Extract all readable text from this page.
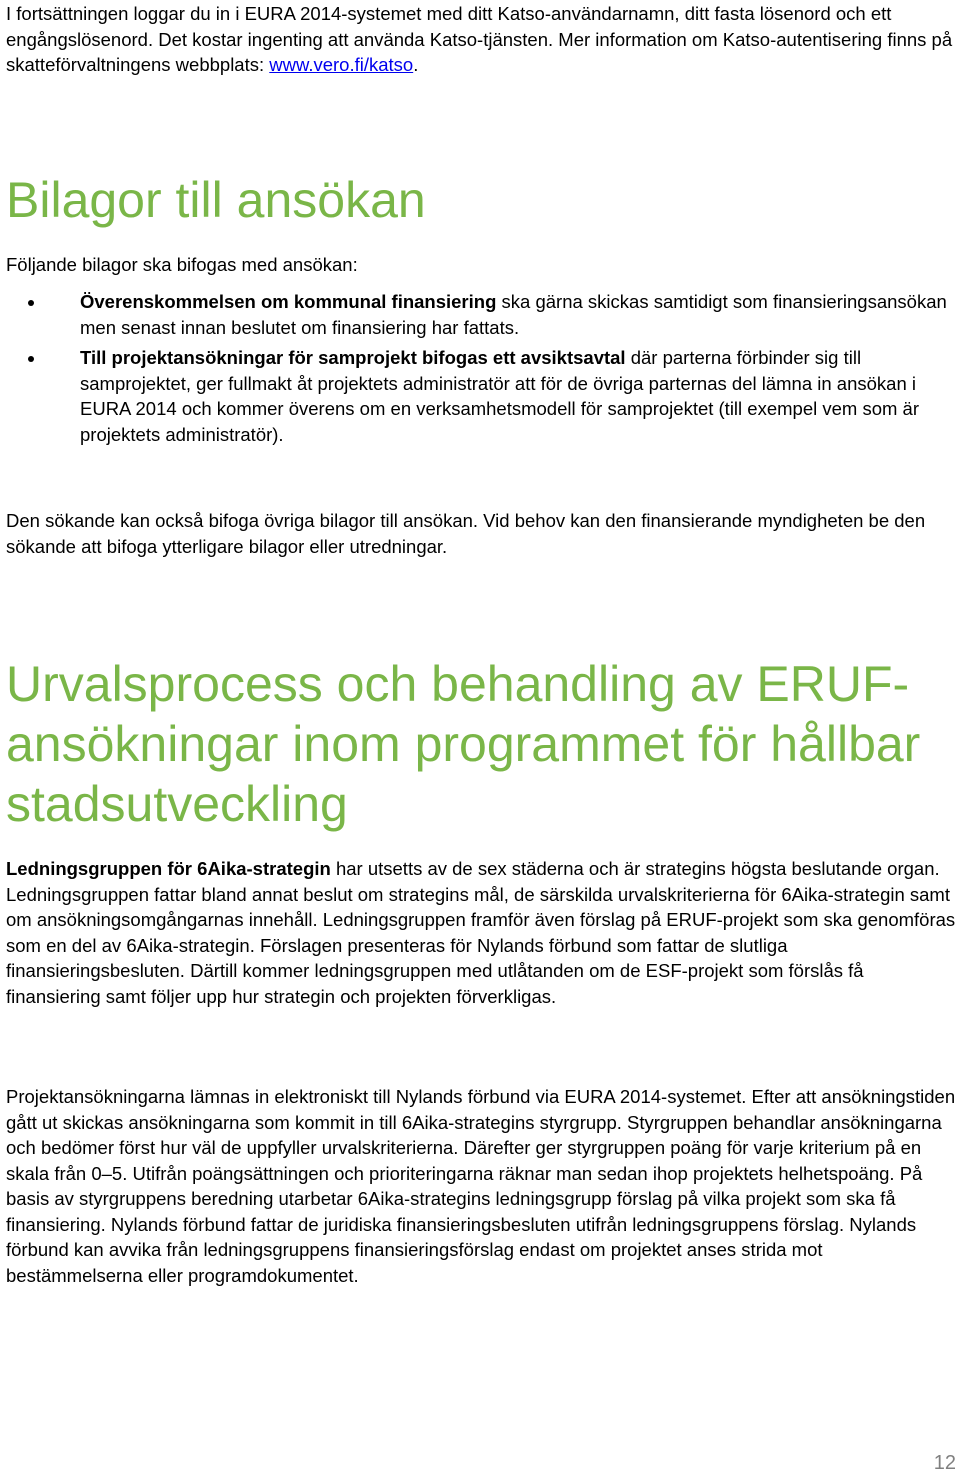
I fortsättningen loggar du in i EURA 2014-systemet med ditt Katso-användarnamn, ditt fasta lösenord och ett engångslösenord. Det kostar ingenting att använda Katso-tjänsten. Mer information om Katso-autentisering finns på skatteförvaltningens webbplats: www.vero.fi/katso.

Bilagor till ansökan

Följande bilagor ska bifogas med ansökan:

Överenskommelsen om kommunal finansiering ska gärna skickas samtidigt som finansieringsansökan men senast innan beslutet om finansiering har fattats.
Till projektansökningar för samprojekt bifogas ett avsiktsavtal där parterna förbinder sig till samprojektet, ger fullmakt åt projektets administratör att för de övriga parternas del lämna in ansökan i EURA 2014 och kommer överens om en verksamhetsmodell för samprojektet (till exempel vem som är projektets administratör).

Den sökande kan också bifoga övriga bilagor till ansökan. Vid behov kan den finansierande myndigheten be den sökande att bifoga ytterligare bilagor eller utredningar.

Urvalsprocess och behandling av ERUF-
ansökningar inom programmet för hållbar
stadsutveckling

Ledningsgruppen för 6Aika-strategin har utsetts av de sex städerna och är strategins högsta beslutande organ. Ledningsgruppen fattar bland annat beslut om strategins mål, de särskilda urvalskriterierna för 6Aika-strategin samt om ansökningsomgångarnas innehåll. Ledningsgruppen framför även förslag på ERUF-projekt som ska genomföras som en del av 6Aika-strategin. Förslagen presenteras för Nylands förbund som fattar de slutliga finansieringsbesluten. Därtill kommer ledningsgruppen med utlåtanden om de ESF-projekt som förslås få finansiering samt följer upp hur strategin och projekten förverkligas.

Projektansökningarna lämnas in elektroniskt till Nylands förbund via EURA 2014-systemet. Efter att ansökningstiden gått ut skickas ansökningarna som kommit in till 6Aika-strategins styrgrupp. Styrgruppen behandlar ansökningarna och bedömer först hur väl de uppfyller urvalskriterierna. Därefter ger styrgruppen poäng för varje kriterium på en skala från 0–5. Utifrån poängsättningen och prioriteringarna räknar man sedan ihop projektets helhetspoäng. På basis av styrgruppens beredning utarbetar 6Aika-strategins ledningsgrupp förslag på vilka projekt som ska få finansiering. Nylands förbund fattar de juridiska finansieringsbesluten utifrån ledningsgruppens förslag. Nylands förbund kan avvika från ledningsgruppens finansieringsförslag endast om projektet anses strida mot bestämmelserna eller programdokumentet.

12
